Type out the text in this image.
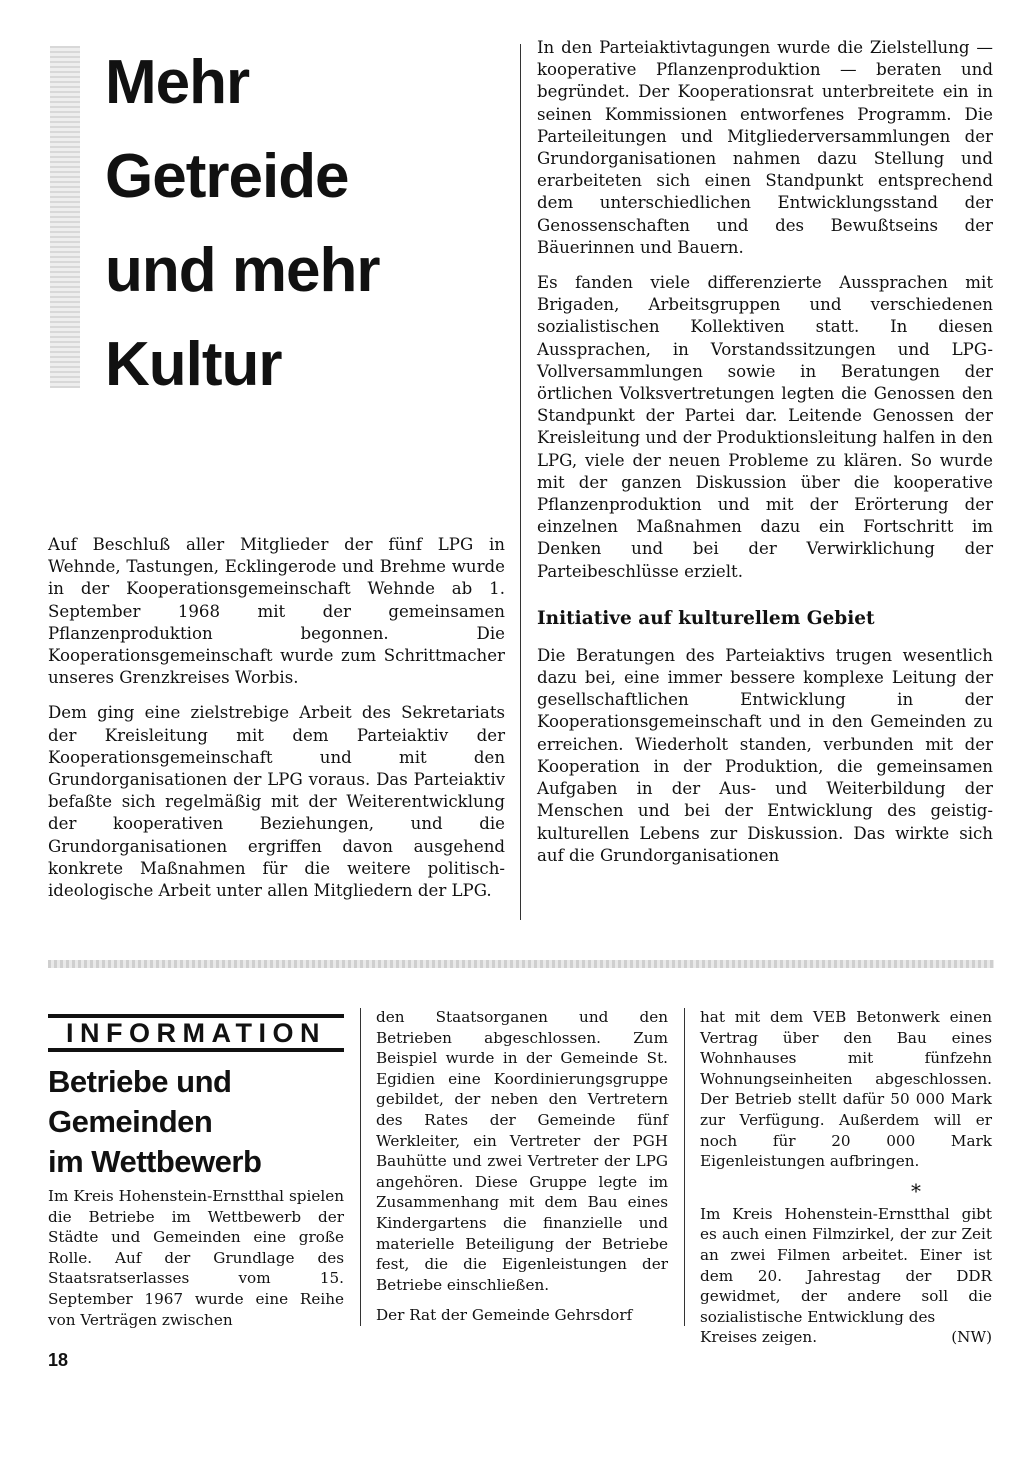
Mehr
Getreide
und mehr
Kultur

Auf Beschluß aller Mitglieder der fünf LPG in Wehnde, Tastungen, Ecklingerode und Brehme wurde in der Kooperationsgemeinschaft Wehnde ab 1. September 1968 mit der gemeinsamen Pflanzenproduktion begonnen. Die Kooperationsgemeinschaft wurde zum Schrittmacher unseres Grenzkreises Worbis.

Dem ging eine zielstrebige Arbeit des Sekretariats der Kreisleitung mit dem Parteiaktiv der Kooperationsgemeinschaft und mit den Grundorganisationen der LPG voraus. Das Parteiaktiv befaßte sich regelmäßig mit der Weiterentwicklung der kooperativen Beziehungen, und die Grundorganisationen ergriffen davon ausgehend konkrete Maßnahmen für die weitere politisch-ideologische Arbeit unter allen Mitgliedern der LPG.

In den Parteiaktivtagungen wurde die Zielstellung — kooperative Pflanzenproduktion — beraten und begründet. Der Kooperationsrat unterbreitete ein in seinen Kommissionen entworfenes Programm. Die Parteileitungen und Mitgliederversammlungen der Grundorganisationen nahmen dazu Stellung und erarbeiteten sich einen Standpunkt entsprechend dem unterschiedlichen Entwicklungsstand der Genossenschaften und des Bewußtseins der Bäuerinnen und Bauern.

Es fanden viele differenzierte Aussprachen mit Brigaden, Arbeitsgruppen und verschiedenen sozialistischen Kollektiven statt. In diesen Aussprachen, in Vorstandssitzungen und LPG-Vollversammlungen sowie in Beratungen der örtlichen Volksvertretungen legten die Genossen den Standpunkt der Partei dar. Leitende Genossen der Kreisleitung und der Produktionsleitung halfen in den LPG, viele der neuen Probleme zu klären. So wurde mit der ganzen Diskussion über die kooperative Pflanzenproduktion und mit der Erörterung der einzelnen Maßnahmen dazu ein Fortschritt im Denken und bei der Verwirklichung der Parteibeschlüsse erzielt.

Initiative auf kulturellem Gebiet

Die Beratungen des Parteiaktivs trugen wesentlich dazu bei, eine immer bessere komplexe Leitung der gesellschaftlichen Entwicklung in der Kooperationsgemeinschaft und in den Gemeinden zu erreichen. Wiederholt standen, verbunden mit der Kooperation in der Produktion, die gemeinsamen Aufgaben in der Aus- und Weiterbildung der Menschen und bei der Entwicklung des geistig-kulturellen Lebens zur Diskussion. Das wirkte sich auf die Grundorganisationen

INFORMATION
Betriebe und
Gemeinden
im Wettbewerb

Im Kreis Hohenstein-Ernstthal spielen die Betriebe im Wettbewerb der Städte und Gemeinden eine große Rolle. Auf der Grundlage des Staatsratserlasses vom 15. September 1967 wurde eine Reihe von Verträgen zwischen

den Staatsorganen und den Betrieben abgeschlossen. Zum Beispiel wurde in der Gemeinde St. Egidien eine Koordinierungsgruppe gebildet, der neben den Vertretern des Rates der Gemeinde fünf Werkleiter, ein Vertreter der PGH Bauhütte und zwei Vertreter der LPG angehören. Diese Gruppe legte im Zusammenhang mit dem Bau eines Kindergartens die finanzielle und materielle Beteiligung der Betriebe fest, die die Eigenleistungen der Betriebe einschließen.

Der Rat der Gemeinde Gehrsdorf

hat mit dem VEB Betonwerk einen Vertrag über den Bau eines Wohnhauses mit fünfzehn Wohnungseinheiten abgeschlossen. Der Betrieb stellt dafür 50 000 Mark zur Verfügung. Außerdem will er noch für 20 000 Mark Eigenleistungen aufbringen.

*

Im Kreis Hohenstein-Ernstthal gibt es auch einen Filmzirkel, der zur Zeit an zwei Filmen arbeitet. Einer ist dem 20. Jahrestag der DDR gewidmet, der andere soll die sozialistische Entwicklung des

Kreises zeigen.	(NW)
18
